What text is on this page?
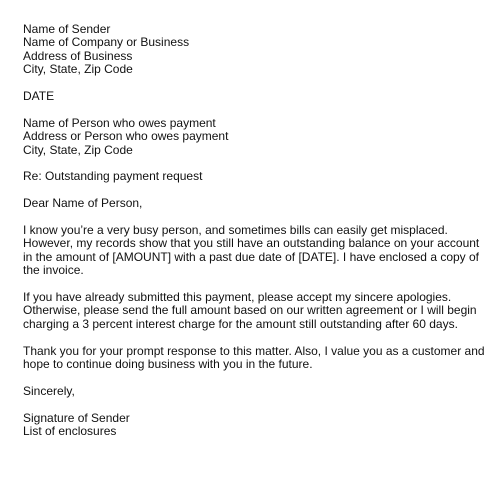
Name of Sender
Name of Company or Business
Address of Business
City, State, Zip Code
DATE
Name of Person who owes payment
Address or Person who owes payment
City, State, Zip Code
Re: Outstanding payment request
Dear Name of Person,
I know you’re a very busy person, and sometimes bills can easily get misplaced.
However, my records show that you still have an outstanding balance on your account
in the amount of [AMOUNT] with a past due date of [DATE]. I have enclosed a copy of
the invoice.
If you have already submitted this payment, please accept my sincere apologies.
Otherwise, please send the full amount based on our written agreement or I will begin
charging a 3 percent interest charge for the amount still outstanding after 60 days.
Thank you for your prompt response to this matter. Also, I value you as a customer and
hope to continue doing business with you in the future.
Sincerely,
Signature of Sender
List of enclosures
